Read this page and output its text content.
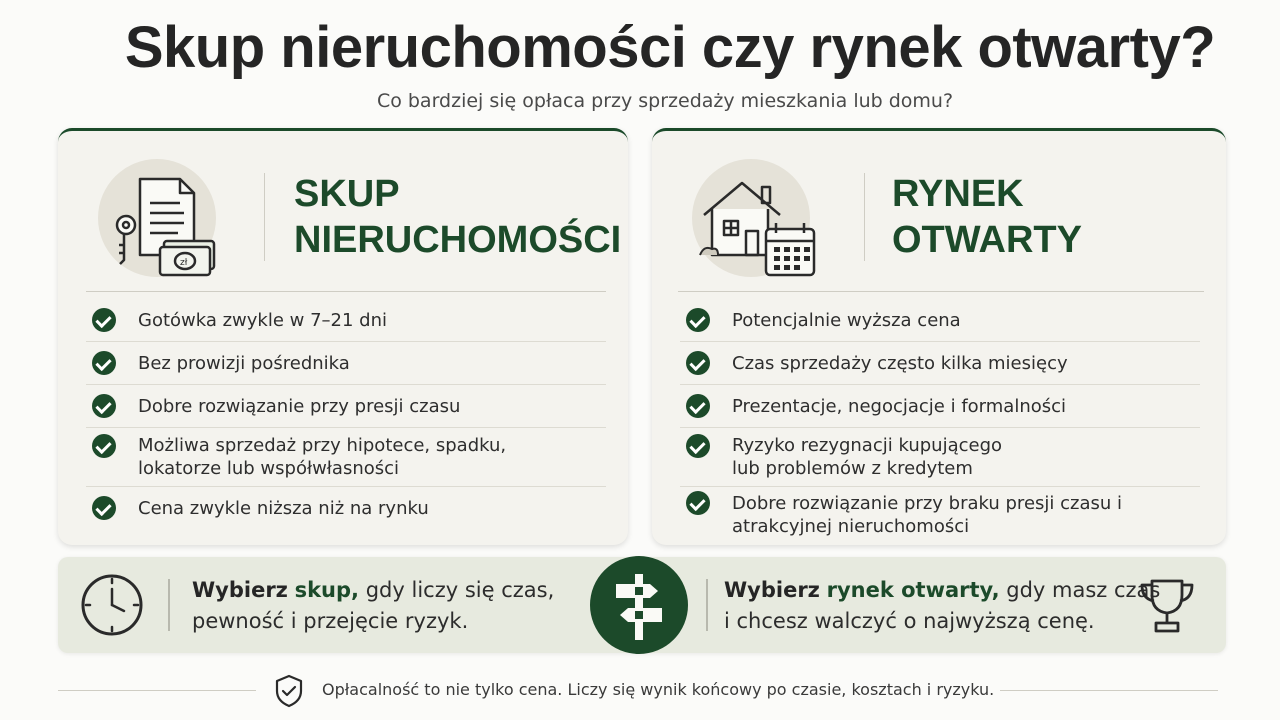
Skup nieruchomości czy rynek otwarty?
Co bardziej się opłaca przy sprzedaży mieszkania lub domu?
zł
SKUP
NIERUCHOMOŚCI
Gotówka zwykle w 7–21 dni
Bez prowizji pośrednika
Dobre rozwiązanie przy presji czasu
Możliwa sprzedaż przy hipotece, spadku, lokatorze lub współwłasności
Cena zwykle niższa niż na rynku
RYNEK
OTWARTY
Potencjalnie wyższa cena
Czas sprzedaży często kilka miesięcy
Prezentacje, negocjacje i formalności
Ryzyko rezygnacji kupującego lub problemów z kredytem
Dobre rozwiązanie przy braku presji czasu i atrakcyjnej nieruchomości
Wybierz skup, gdy liczy się czas,
pewność i przejęcie ryzyk.
Wybierz rynek otwarty, gdy masz czas
i chcesz walczyć o najwyższą cenę.
Opłacalność to nie tylko cena. Liczy się wynik końcowy po czasie, kosztach i ryzyku.
